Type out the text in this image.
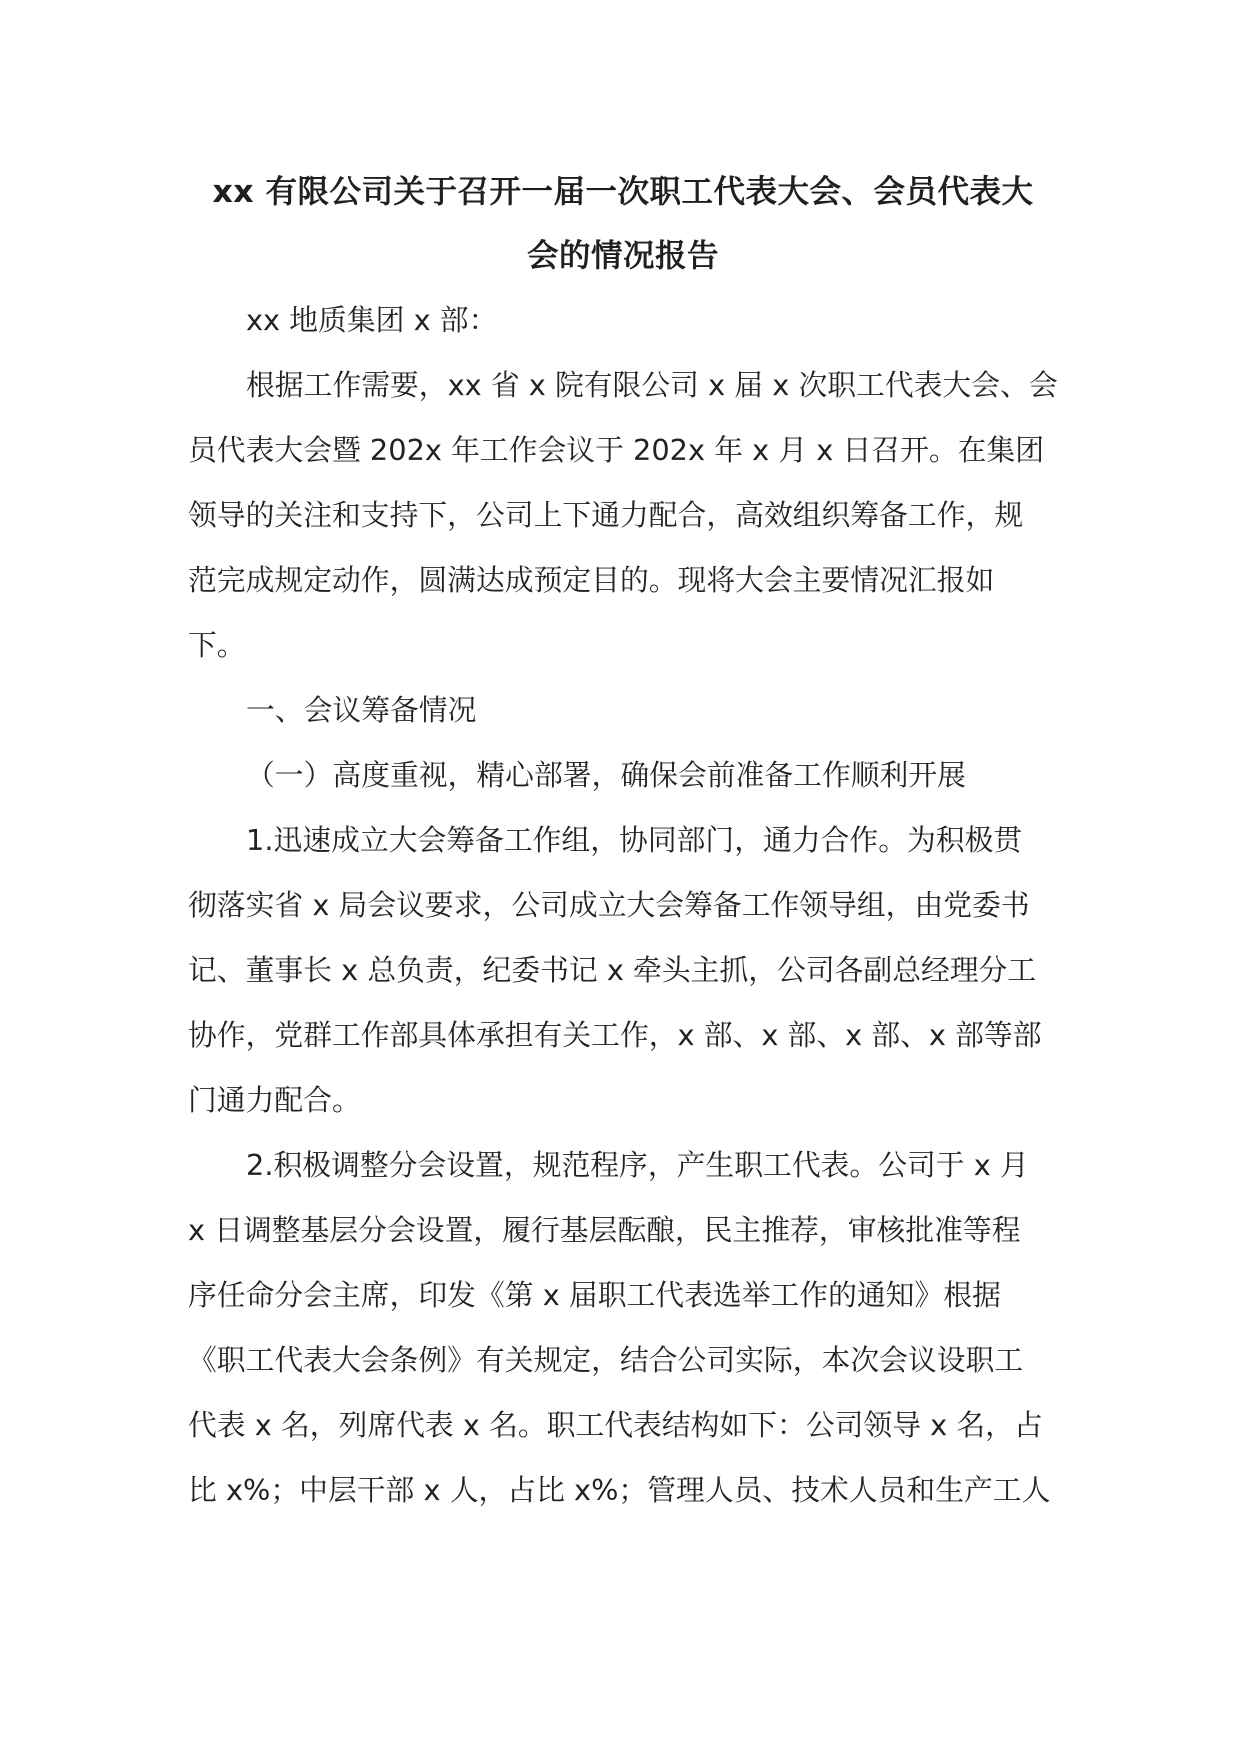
xx 有限公司关于召开一届一次职工代表大会、会员代表大

会的情况报告

xx 地质集团 x 部：

根据工作需要，xx 省 x 院有限公司 x 届 x 次职工代表大会、会

员代表大会暨 202x 年工作会议于 202x 年 x 月 x 日召开。在集团

领导的关注和支持下，公司上下通力配合，高效组织筹备工作，规

范完成规定动作，圆满达成预定目的。现将大会主要情况汇报如

下。

一、会议筹备情况

（一）高度重视，精心部署，确保会前准备工作顺利开展

1.迅速成立大会筹备工作组，协同部门，通力合作。为积极贯

彻落实省 x 局会议要求，公司成立大会筹备工作领导组，由党委书

记、董事长 x 总负责，纪委书记 x 牵头主抓，公司各副总经理分工

协作，党群工作部具体承担有关工作，x 部、x 部、x 部、x 部等部

门通力配合。

2.积极调整分会设置，规范程序，产生职工代表。公司于 x 月

x 日调整基层分会设置，履行基层酝酿，民主推荐，审核批准等程

序任命分会主席，印发《第 x 届职工代表选举工作的通知》根据

《职工代表大会条例》有关规定，结合公司实际，本次会议设职工

代表 x 名，列席代表 x 名。职工代表结构如下：公司领导 x 名，占

比 x%；中层干部 x 人，占比 x%；管理人员、技术人员和生产工人
